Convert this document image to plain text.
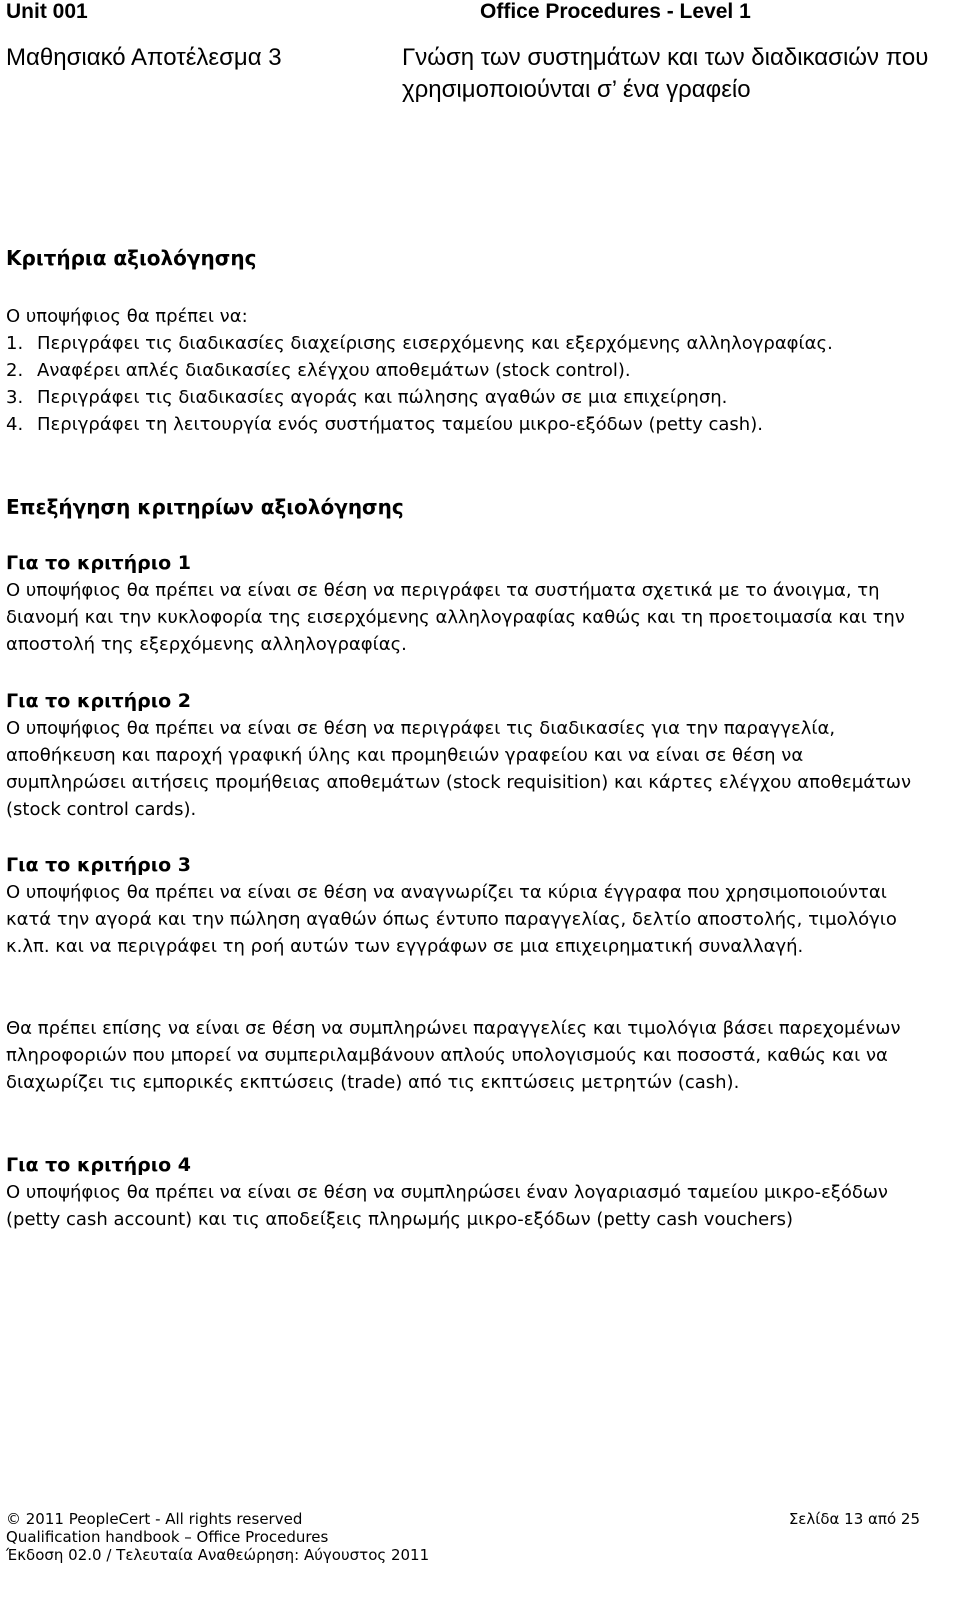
Unit 001	Office Procedures - Level 1
Μαθησιακό Αποτέλεσμα 3	Γνώση των συστημάτων και των διαδικασιών που χρησιμοποιούνται σ’ ένα γραφείο
Κριτήρια αξιολόγησης
Ο υποψήφιος θα πρέπει να:
1. Περιγράφει τις διαδικασίες διαχείρισης εισερχόμενης και εξερχόμενης αλληλογραφίας.
2. Αναφέρει απλές διαδικασίες ελέγχου αποθεμάτων (stock control).
3. Περιγράφει τις διαδικασίες αγοράς και πώλησης αγαθών σε μια επιχείρηση.
4. Περιγράφει τη λειτουργία ενός συστήματος ταμείου μικρο-εξόδων (petty cash).
Επεξήγηση κριτηρίων αξιολόγησης
Για το κριτήριο 1

Ο υποψήφιος θα πρέπει να είναι σε θέση να περιγράφει τα συστήματα σχετικά με το άνοιγμα, τη διανομή και την κυκλοφορία της εισερχόμενης αλληλογραφίας καθώς και τη προετοιμασία και την αποστολή της εξερχόμενης αλληλογραφίας.

Για το κριτήριο 2

Ο υποψήφιος θα πρέπει να είναι σε θέση να περιγράφει τις διαδικασίες για την παραγγελία, αποθήκευση και παροχή γραφική ύλης και προμηθειών γραφείου και να είναι σε θέση να συμπληρώσει αιτήσεις προμήθειας αποθεμάτων (stock requisition) και κάρτες ελέγχου αποθεμάτων (stock control cards).

Για το κριτήριο 3

Ο υποψήφιος θα πρέπει να είναι σε θέση να αναγνωρίζει τα κύρια έγγραφα που χρησιμοποιούνται κατά την αγορά και την πώληση αγαθών όπως έντυπο παραγγελίας, δελτίο αποστολής, τιμολόγιο κ.λπ. και να περιγράφει τη ροή αυτών των εγγράφων σε μια επιχειρηματική συναλλαγή.

Θα πρέπει επίσης να είναι σε θέση να συμπληρώνει παραγγελίες και τιμολόγια βάσει παρεχομένων πληροφοριών που μπορεί να συμπεριλαμβάνουν απλούς υπολογισμούς και ποσοστά, καθώς και να διαχωρίζει τις εμπορικές εκπτώσεις (trade) από τις εκπτώσεις μετρητών (cash).

Για το κριτήριο 4

Ο υποψήφιος θα πρέπει να είναι σε θέση να συμπληρώσει έναν λογαριασμό ταμείου μικρο-εξόδων (petty cash account) και τις αποδείξεις πληρωμής μικρο-εξόδων (petty cash vouchers)

© 2011 PeopleCert - All rights reserved
Qualification handbook – Office Procedures
Έκδοση 02.0 / Τελευταία Αναθεώρηση: Αύγουστος 2011
Σελίδα 13 από 25
